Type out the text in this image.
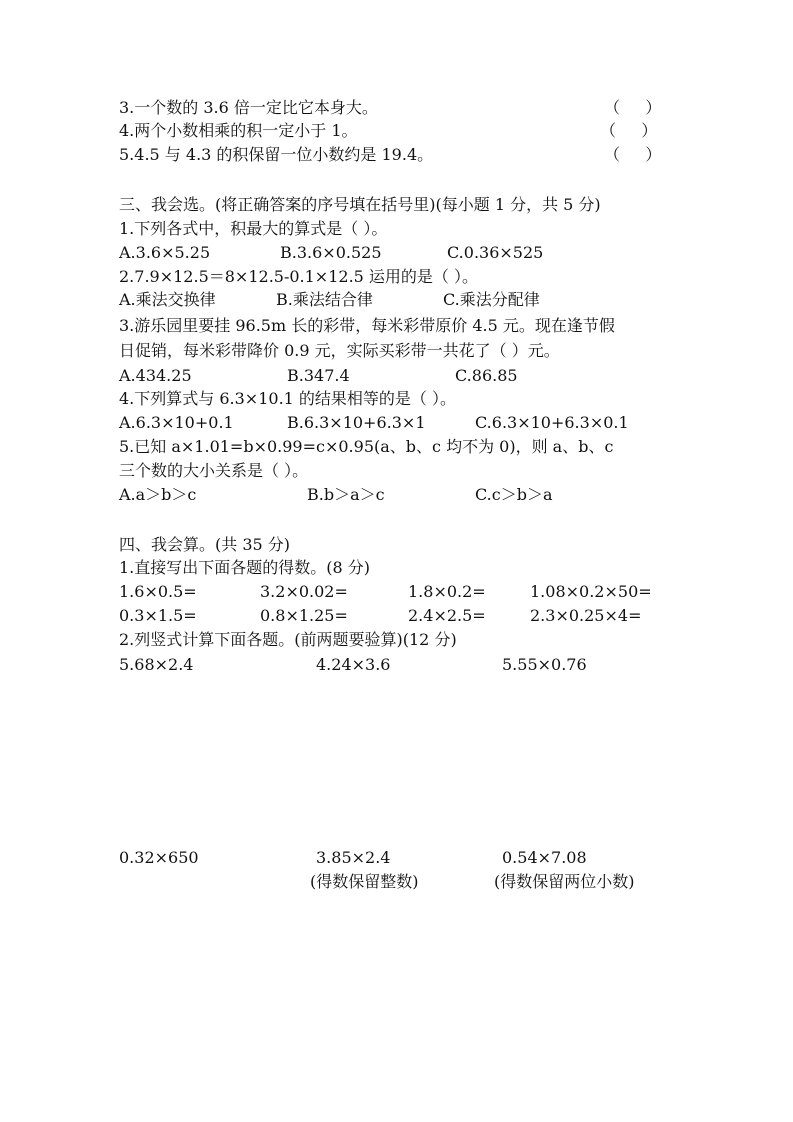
3.一个数的 3.6 倍一定比它本身大。	（     ）
4.两个小数相乘的积一定小于 1。	（     ）
5.4.5 与 4.3 的积保留一位小数约是 19.4。	（     ）
三、我会选。(将正确答案的序号填在括号里)(每小题 1 分，共 5 分)
1.下列各式中，积最大的算式是（ ）。
A.3.6×5.25	B.3.6×0.525	C.0.36×525
2.7.9×12.5＝8×12.5-0.1×12.5 运用的是（ ）。
A.乘法交换律	B.乘法结合律	C.乘法分配律
3.游乐园里要挂 96.5m 长的彩带，每米彩带原价 4.5 元。现在逢节假
日促销，每米彩带降价 0.9 元，实际买彩带一共花了（ ）元。
A.434.25	B.347.4	C.86.85
4.下列算式与 6.3×10.1 的结果相等的是（ ）。
A.6.3×10+0.1	B.6.3×10+6.3×1	C.6.3×10+6.3×0.1
5.已知 a×1.01=b×0.99=c×0.95(a、b、c 均不为 0)，则 a、b、c
三个数的大小关系是（ ）。
A.a＞b＞c	B.b＞a＞c	C.c＞b＞a
四、我会算。(共 35 分)
1.直接写出下面各题的得数。(8 分)
1.6×0.5=	3.2×0.02=	1.8×0.2=	1.08×0.2×50=
0.3×1.5=	0.8×1.25=	2.4×2.5=	2.3×0.25×4=
2.列竖式计算下面各题。(前两题要验算)(12 分)
5.68×2.4	4.24×3.6	5.55×0.76
0.32×650	3.85×2.4	0.54×7.08
(得数保留整数)	(得数保留两位小数)
